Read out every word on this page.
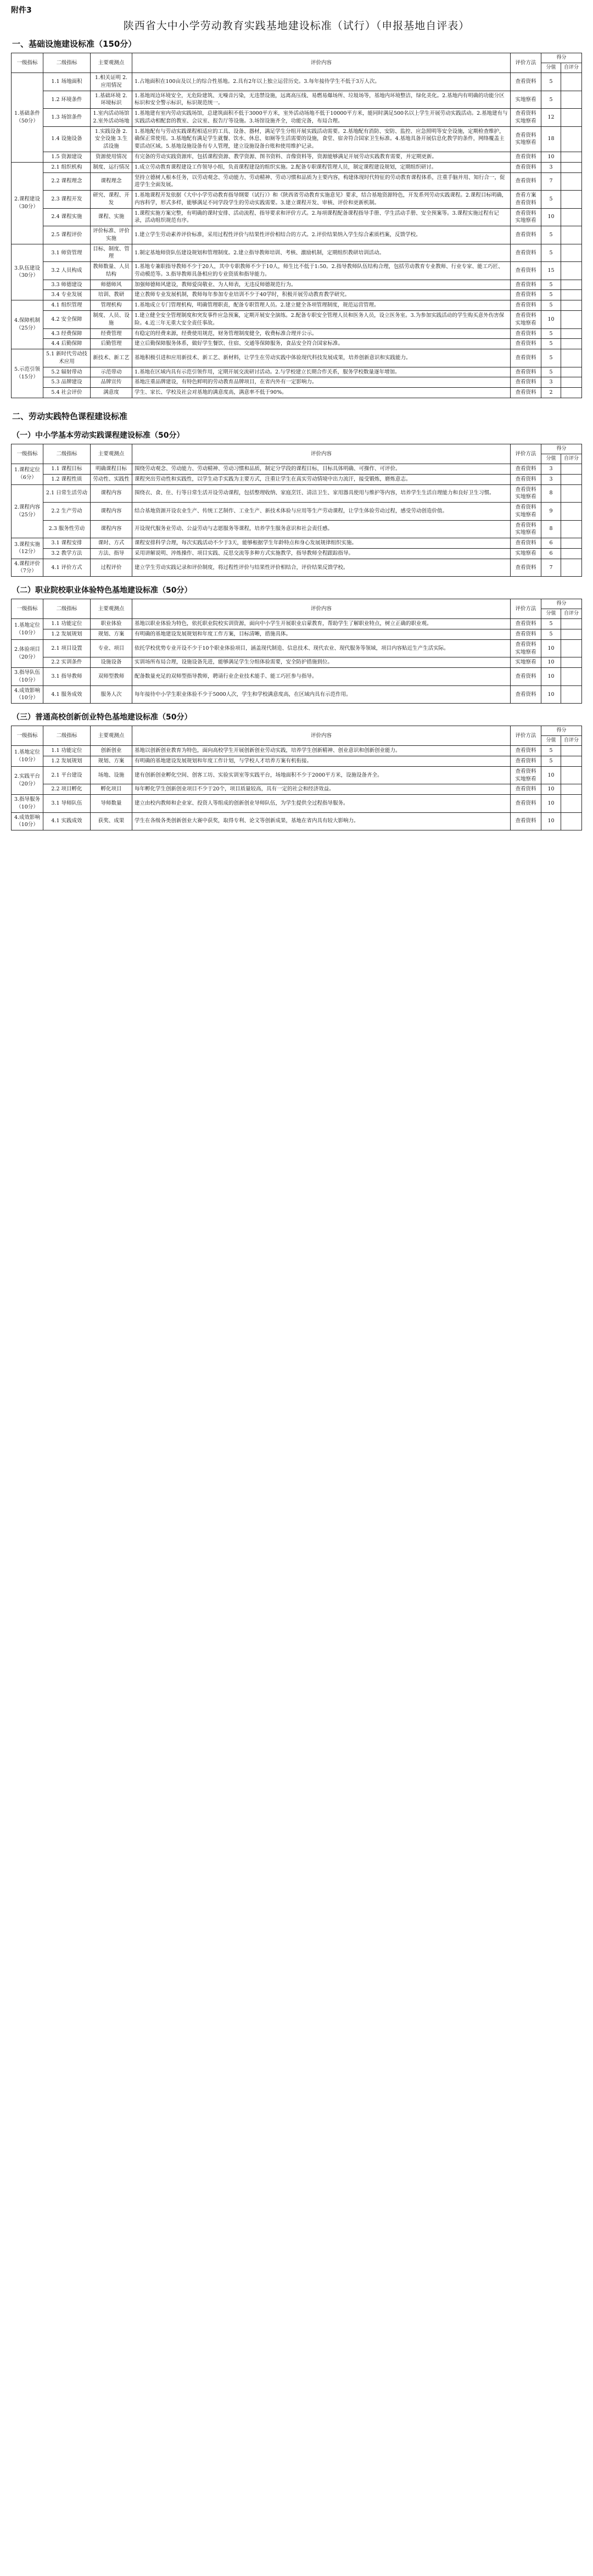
附件3
陕西省大中小学劳动教育实践基地建设标准（试行）（申报基地自评表）
一、基础设施建设标准（150分）
一级指标	二级指标	主要观测点	评价内容	评价方法	得分	
					分值	自评分
1.基础条件（50分）	1.1 场地面积	1.相关证明 2.应用情况	1.占地面积在100亩及以上的综合性基地。2.具有2年以上独立运营历史。3.每年接待学生不低于3万人次。	查看资料	5	
	1.2 环境条件	1.基础环境 2.环境标识	1.基地周边环境安全，无危险建筑、无噪音污染，无违禁设施，远离高压线、易燃易爆场所、垃圾场等，基地内环境整洁，绿化美化。2.基地内有明确的功能分区标识和安全警示标识，标识规范统一。	实地察看	5	
	1.3 场馆条件	1.室内活动场馆 2.室外活动场地	1.基地建有室内劳动实践场馆，总建筑面积不低于3000平方米，室外活动场地不低于10000平方米，能同时满足500名以上学生开展劳动实践活动。2.基地建有与实践活动相配套的教室、会议室、报告厅等设施。3.场馆设施齐全，功能完备，布局合理。	查看资料 实地察看	12	
	1.4 设施设备	1.实践设备 2.安全设施 3.生活设施	1.基地配有与劳动实践课程相适应的工具、设备、器材，满足学生分组开展实践活动需要。2.基地配有消防、安防、监控、应急照明等安全设施，定期检查维护，确保正常使用。3.基地配有满足学生就餐、饮水、休息、如厕等生活需要的设施，食堂、宿舍符合国家卫生标准。4.基地具备开展信息化教学的条件，网络覆盖主要活动区域。5.基地设施设备有专人管理，建立设施设备台账和使用维护记录。	查看资料 实地察看	18	
	1.5 资源建设	资源使用情况	有完备的劳动实践资源库，包括课程资源、教学资源、图书资料、音像资料等，资源能够满足开展劳动实践教育需要，并定期更新。	查看资料	10	
2.课程建设（30分）	2.1 组织机构	制度、运行情况	1.成立劳动教育课程建设工作领导小组，负责课程建设的组织实施。2.配备专职课程管理人员，制定课程建设规划，定期组织研讨。	查看资料	3	
	2.2 课程理念	课程理念	坚持立德树人根本任务，以劳动观念、劳动能力、劳动精神、劳动习惯和品质为主要内容，构建体现时代特征的劳动教育课程体系，注重手脑并用、知行合一，促进学生全面发展。	查看资料	7	
	2.3 课程开发	研究、课程、开发	1.基地课程开发依据《大中小学劳动教育指导纲要（试行）》和《陕西省劳动教育实施意见》要求，结合基地资源特色，开发系列劳动实践课程。2.课程目标明确，内容科学，形式多样，能够满足不同学段学生的劳动实践需要。3.建立课程开发、审核、评价和更新机制。	查看方案 查看资料	5	
	2.4 课程实施	课程、实施	1.课程实施方案完整，有明确的课时安排、活动流程、指导要求和评价方式。2.每项课程配备课程指导手册、学生活动手册、安全预案等。3.课程实施过程有记录，活动组织规范有序。	查看资料 实地察看	10	
	2.5 课程评价	评价标准、评价实施	1.建立学生劳动素养评价标准，采用过程性评价与结果性评价相结合的方式。2.评价结果纳入学生综合素质档案，反馈学校。	查看资料	5	
3.队伍建设（30分）	3.1 师资管理	目标、制度、管理	1.制定基地师资队伍建设规划和管理制度。2.建立指导教师培训、考核、激励机制，定期组织教研培训活动。	查看资料	5	
	3.2 人员构成	教师数量、人员结构	1.基地专兼职指导教师不少于20人，其中专职教师不少于10人，师生比不低于1:50。2.指导教师队伍结构合理，包括劳动教育专业教师、行业专家、能工巧匠、劳动模范等。3.指导教师具备相应的专业资质和指导能力。	查看资料	15	
	3.3 师德建设	师德师风	加强师德师风建设，教师爱岗敬业、为人师表，无违反师德规范行为。	查看资料	5	
	3.4 专业发展	培训、教研	建立教师专业发展机制，教师每年参加专业培训不少于40学时，积极开展劳动教育教学研究。	查看资料	5	
4.保障机制（25分）	4.1 组织管理	管理机构	1.基地成立专门管理机构，明确管理职责，配备专职管理人员。2.建立健全各项管理制度，规范运营管理。	查看资料	5	
	4.2 安全保障	制度、人员、设施	1.建立健全安全管理制度和突发事件应急预案，定期开展安全演练。2.配备专职安全管理人员和医务人员，设立医务室。3.为参加实践活动的学生购买意外伤害保险。4.近三年无重大安全责任事故。	查看资料 实地察看	10	
	4.3 经费保障	经费管理	有稳定的经费来源，经费使用规范，财务管理制度健全，收费标准合理并公示。	查看资料	5	
	4.4 后勤保障	后勤管理	建立后勤保障服务体系，做好学生餐饮、住宿、交通等保障服务，食品安全符合国家标准。	查看资料	5	
5.示范引领（15分）	5.1 新时代劳动技术应用	新技术、新工艺	基地积极引进和应用新技术、新工艺、新材料，让学生在劳动实践中体验现代科技发展成果，培养创新意识和实践能力。	查看资料	5	
	5.2 辐射带动	示范带动	1.基地在区域内具有示范引领作用，定期开展交流研讨活动。2.与学校建立长期合作关系，服务学校数量逐年增加。	查看资料	5	
	5.3 品牌建设	品牌宣传	基地注重品牌建设，有特色鲜明的劳动教育品牌项目，在省内外有一定影响力。	查看资料	3	
	5.4 社会评价	满意度	学生、家长、学校及社会对基地的满意度高，满意率不低于90%。	查看资料	2	
二、劳动实践特色课程建设标准
（一）中小学基本劳动实践课程建设标准（50分）
一级指标	二级指标	主要观测点	评价内容	评价方法	得分	
					分值	自评分
1.课程定位（6分）	1.1 课程目标	明确课程目标	围绕劳动观念、劳动能力、劳动精神、劳动习惯和品质，制定分学段的课程目标，目标具体明确、可操作、可评价。	查看资料	3	
	1.2 课程性质	劳动性、实践性	课程突出劳动性和实践性，以学生动手实践为主要方式，注重让学生在真实劳动情境中出力流汗，接受锻炼，磨炼意志。	查看资料	3	
2.课程内容（25分）	2.1 日常生活劳动	课程内容	围绕衣、食、住、行等日常生活开设劳动课程，包括整理收纳、家庭烹饪、清洁卫生、家用器具使用与维护等内容，培养学生生活自理能力和良好卫生习惯。	查看资料 实地察看	8	
	2.2 生产劳动	课程内容	结合基地资源开设农业生产、传统工艺制作、工业生产、新技术体验与应用等生产劳动课程，让学生体验劳动过程，感受劳动创造价值。	查看资料 实地察看	9	
	2.3 服务性劳动	课程内容	开设现代服务业劳动、公益劳动与志愿服务等课程，培养学生服务意识和社会责任感。	查看资料 实地察看	8	
3.课程实施（12分）	3.1 课程安排	课时、方式	课程安排科学合理，每次实践活动不少于3天，能够根据学生年龄特点和身心发展规律组织实施。	查看资料	6	
	3.2 教学方法	方法、指导	采用讲解说明、淬炼操作、项目实践、反思交流等多种方式实施教学，指导教师全程跟踪指导。	实地察看	6	
4.课程评价（7分）	4.1 评价方式	过程评价	建立学生劳动实践记录和评价制度，将过程性评价与结果性评价相结合，评价结果反馈学校。	查看资料	7	
（二）职业院校职业体验特色基地建设标准（50分）
一级指标	二级指标	主要观测点	评价内容	评价方法	得分	
					分值	自评分
1.基地定位（10分）	1.1 功能定位	职业体验	基地以职业体验为特色，依托职业院校实训资源，面向中小学生开展职业启蒙教育，帮助学生了解职业特点，树立正确的职业观。	查看资料	5	
	1.2 发展规划	规划、方案	有明确的基地建设发展规划和年度工作方案，目标清晰，措施具体。	查看资料	5	
2.体验项目（20分）	2.1 项目设置	专业、项目	依托学校优势专业开设不少于10个职业体验项目，涵盖现代制造、信息技术、现代农业、现代服务等领域，项目内容贴近生产生活实际。	查看资料 实地察看	10	
	2.2 实训条件	设施设备	实训场所布局合理，设施设备先进，能够满足学生分组体验需要，安全防护措施到位。	实地察看	10	
3.指导队伍（10分）	3.1 指导教师	双师型教师	配备数量充足的双师型指导教师，聘请行业企业技术能手、能工巧匠参与指导。	查看资料	10	
4.成效影响（10分）	4.1 服务成效	服务人次	每年接待中小学生职业体验不少于5000人次，学生和学校满意度高，在区域内具有示范作用。	查看资料	10	
（三）普通高校创新创业特色基地建设标准（50分）
一级指标	二级指标	主要观测点	评价内容	评价方法	得分	
					分值	自评分
1.基地定位（10分）	1.1 功能定位	创新创业	基地以创新创业教育为特色，面向高校学生开展创新创业劳动实践，培养学生创新精神、创业意识和创新创业能力。	查看资料	5	
	1.2 发展规划	规划、方案	有明确的基地建设发展规划和年度工作计划，与学校人才培养方案有机衔接。	查看资料	5	
2.实践平台（20分）	2.1 平台建设	场地、设施	建有创新创业孵化空间、创客工坊、实验实训室等实践平台，场地面积不少于2000平方米，设施设备齐全。	查看资料 实地察看	10	
	2.2 项目孵化	孵化项目	每年孵化学生创新创业项目不少于20个，项目质量较高，具有一定的社会和经济效益。	查看资料	10	
3.指导服务（10分）	3.1 导师队伍	导师数量	建立由校内教师和企业家、投资人等组成的创新创业导师队伍，为学生提供全过程指导服务。	查看资料	10	
4.成效影响（10分）	4.1 实践成效	获奖、成果	学生在各级各类创新创业大赛中获奖，取得专利、论文等创新成果，基地在省内具有较大影响力。	查看资料	10	
